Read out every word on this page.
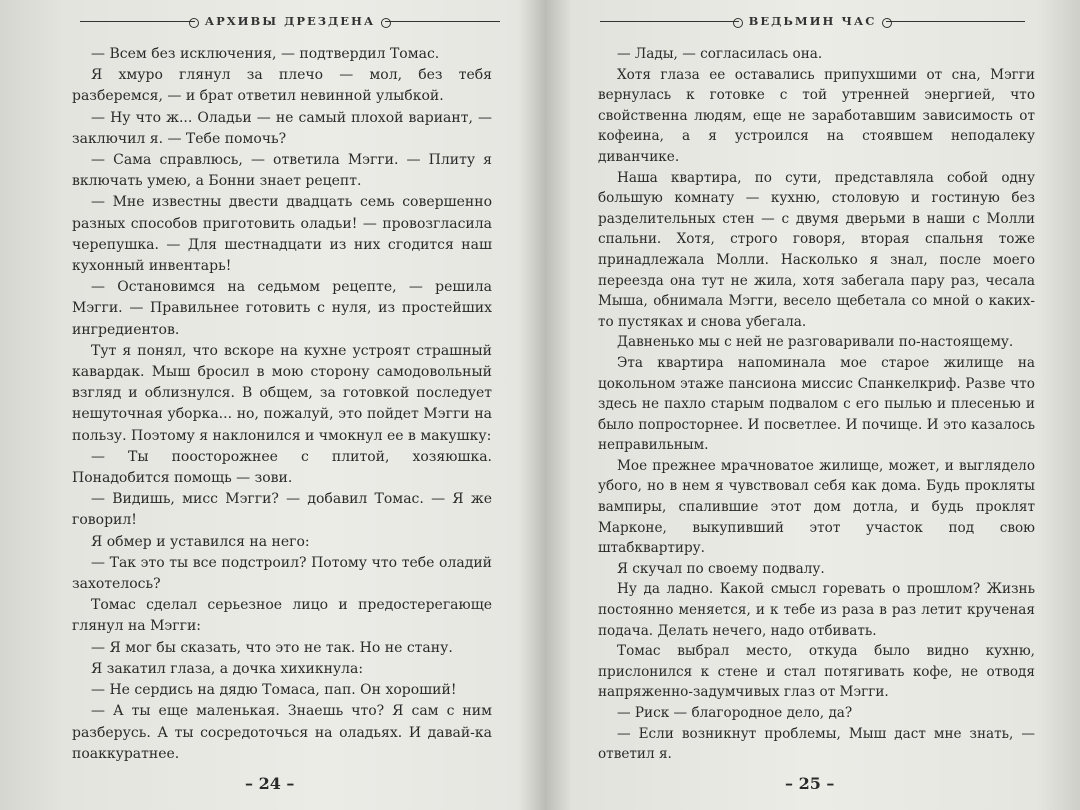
АРХИВЫ ДРЕЗДЕНА

— Всем без исключения, — подтвердил Томас.

Я хмуро глянул за плечо — мол, без тебя разберемся, — и брат ответил невинной улыбкой.

— Ну что ж... Оладьи — не самый плохой вариант, — заключил я. — Тебе помочь?

— Сама справлюсь, — ответила Мэгги. — Плиту я включать умею, а Бонни знает рецепт.

— Мне известны двести двадцать семь совершенно разных способов приготовить оладьи! — провозгласила черепушка. — Для шестнадцати из них сгодится наш кухонный инвентарь!

— Остановимся на седьмом рецепте, — решила Мэгги. — Правильнее готовить с нуля, из простейших ингредиентов.

Тут я понял, что вскоре на кухне устроят страшный кавардак. Мыш бросил в мою сторону самодовольный взгляд и облизнулся. В общем, за готовкой последует нешуточная уборка... но, пожалуй, это пойдет Мэгги на пользу. Поэтому я наклонился и чмокнул ее в макушку:

— Ты поосторожнее с плитой, хозяюшка. Понадобится помощь — зови.

— Видишь, мисс Мэгги? — добавил Томас. — Я же говорил!

Я обмер и уставился на него:

— Так это ты все подстроил? Потому что тебе оладий захотелось?

Томас сделал серьезное лицо и предостерегающе глянул на Мэгги:

— Я мог бы сказать, что это не так. Но не стану.

Я закатил глаза, а дочка хихикнула:

— Не сердись на дядю Томаса, пап. Он хороший!

— А ты еще маленькая. Знаешь что? Я сам с ним разберусь. А ты сосредоточься на оладьях. И давай-ка поаккуратнее.

– 24 –
ВЕДЬМИН ЧАС

— Лады, — согласилась она.

Хотя глаза ее оставались припухшими от сна, Мэгги вернулась к готовке с той утренней энергией, что свойственна людям, еще не заработавшим зависимость от кофеина, а я устроился на стоявшем неподалеку диванчике.

Наша квартира, по сути, представляла собой одну большую комнату — кухню, столовую и гостиную без разделительных стен — с двумя дверьми в наши с Молли спальни. Хотя, строго говоря, вторая спальня тоже принадлежала Молли. Насколько я знал, после моего переезда она тут не жила, хотя забегала пару раз, чесала Мыша, обнимала Мэгги, весело щебетала со мной о каких-то пустяках и снова убегала.

Давненько мы с ней не разговаривали по-настоящему.

Эта квартира напоминала мое старое жилище на цокольном этаже пансиона миссис Спанкелкриф. Разве что здесь не пахло старым подвалом с его пылью и плесенью и было попросторнее. И посветлее. И почище. И это казалось неправильным.

Мое прежнее мрачноватое жилище, может, и выглядело убого, но в нем я чувствовал себя как дома. Будь прокляты вампиры, спалившие этот дом дотла, и будь проклят Марконе, выкупивший этот участок под свою штабквартиру.

Я скучал по своему подвалу.

Ну да ладно. Какой смысл горевать о прошлом? Жизнь постоянно меняется, и к тебе из раза в раз летит крученая подача. Делать нечего, надо отбивать.

Томас выбрал место, откуда было видно кухню, прислонился к стене и стал потягивать кофе, не отводя напряженно-задумчивых глаз от Мэгги.

— Риск — благородное дело, да?

— Если возникнут проблемы, Мыш даст мне знать, — ответил я.

– 25 –
